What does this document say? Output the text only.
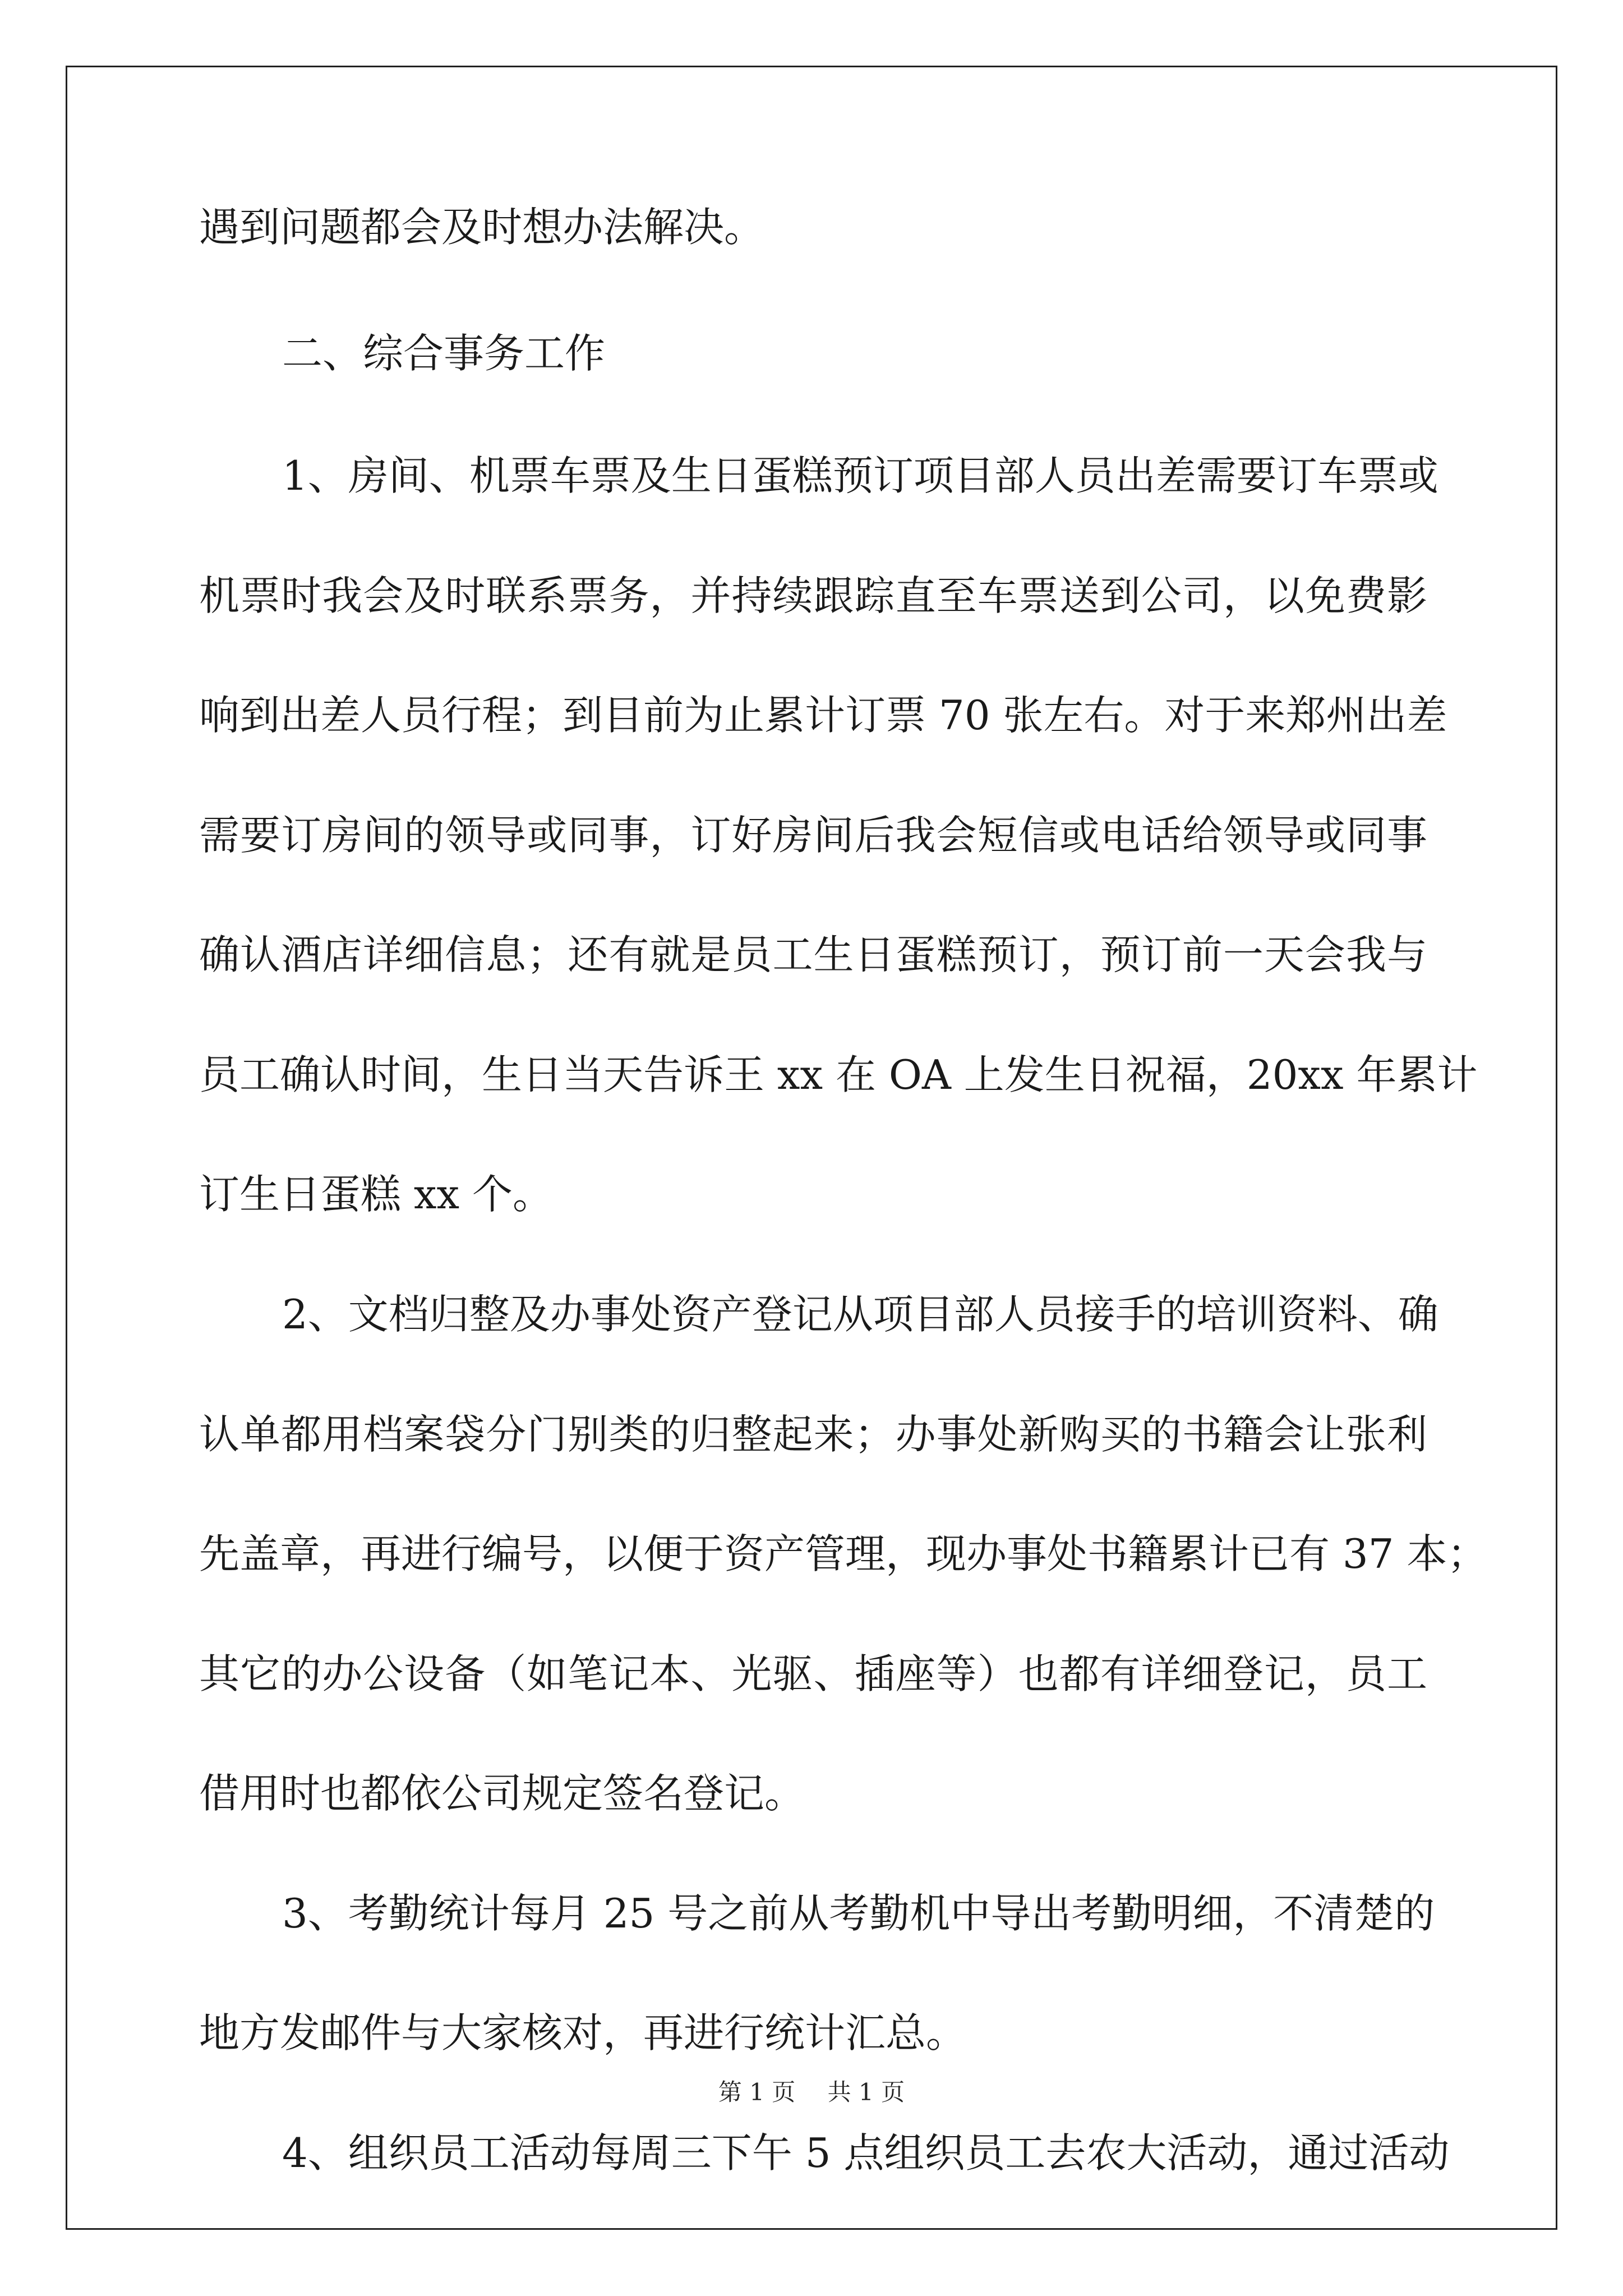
遇到问题都会及时想办法解决。
二、综合事务工作
1、房间、机票车票及生日蛋糕预订项目部人员出差需要订车票或
机票时我会及时联系票务，并持续跟踪直至车票送到公司，以免费影
响到出差人员行程；到目前为止累计订票 70 张左右。对于来郑州出差
需要订房间的领导或同事，订好房间后我会短信或电话给领导或同事
确认酒店详细信息；还有就是员工生日蛋糕预订，预订前一天会我与
员工确认时间，生日当天告诉王 xx 在 OA 上发生日祝福，20xx 年累计
订生日蛋糕 xx 个。
2、文档归整及办事处资产登记从项目部人员接手的培训资料、确
认单都用档案袋分门别类的归整起来；办事处新购买的书籍会让张利
先盖章，再进行编号，以便于资产管理，现办事处书籍累计已有 37 本；
其它的办公设备（如笔记本、光驱、插座等）也都有详细登记，员工
借用时也都依公司规定签名登记。
3、考勤统计每月 25 号之前从考勤机中导出考勤明细，不清楚的
地方发邮件与大家核对，再进行统计汇总。
4、组织员工活动每周三下午 5 点组织员工去农大活动，通过活动
第 1 页 共 1 页
